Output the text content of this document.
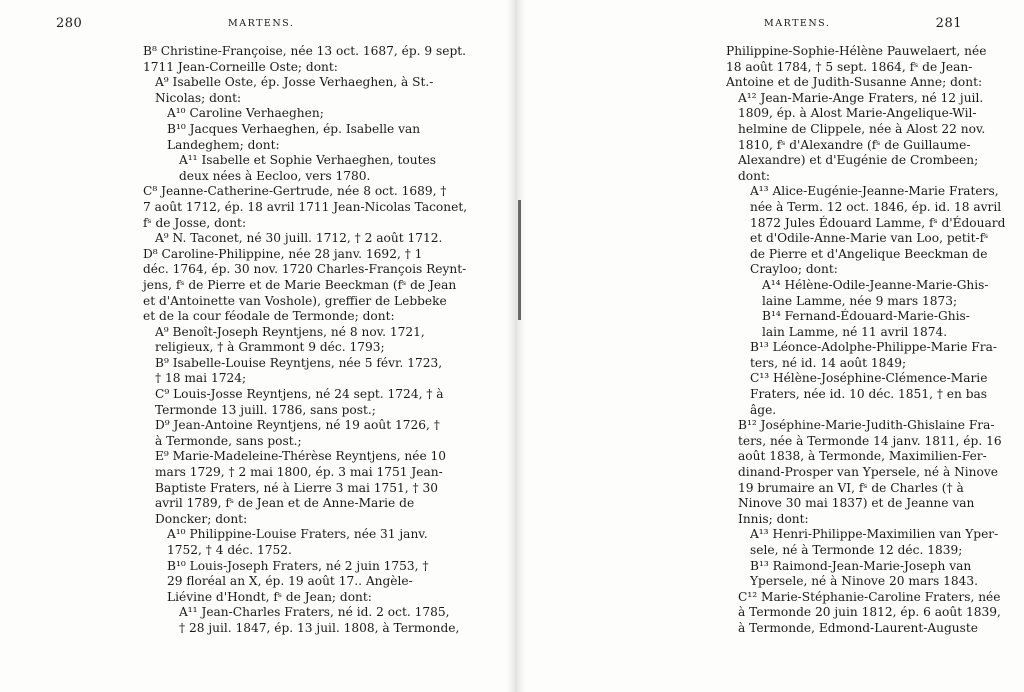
280	MARTENS.
B⁸ Christine-Françoise, née 13 oct. 1687, ép. 9 sept.
1711 Jean-Corneille Oste; dont:
A⁹ Isabelle Oste, ép. Josse Verhaeghen, à St.-
Nicolas; dont:
A¹⁰ Caroline Verhaeghen;
B¹⁰ Jacques Verhaeghen, ép. Isabelle van
Landeghem; dont:
A¹¹ Isabelle et Sophie Verhaeghen, toutes
deux nées à Eecloo, vers 1780.
C⁸ Jeanne-Catherine-Gertrude, née 8 oct. 1689, †
7 août 1712, ép. 18 avril 1711 Jean-Nicolas Taconet,
fˢ de Josse, dont:
A⁹ N. Taconet, né 30 juill. 1712, † 2 août 1712.
D⁸ Caroline-Philippine, née 28 janv. 1692, † 1
déc. 1764, ép. 30 nov. 1720 Charles-François Reynt-
jens, fˢ de Pierre et de Marie Beeckman (fˢ de Jean
et d'Antoinette van Voshole), greffier de Lebbeke
et de la cour féodale de Termonde; dont:
A⁹ Benoît-Joseph Reyntjens, né 8 nov. 1721,
religieux, † à Grammont 9 déc. 1793;
B⁹ Isabelle-Louise Reyntjens, née 5 févr. 1723,
† 18 mai 1724;
C⁹ Louis-Josse Reyntjens, né 24 sept. 1724, † à
Termonde 13 juill. 1786, sans post.;
D⁹ Jean-Antoine Reyntjens, né 19 août 1726, †
à Termonde, sans post.;
E⁹ Marie-Madeleine-Thérèse Reyntjens, née 10
mars 1729, † 2 mai 1800, ép. 3 mai 1751 Jean-
Baptiste Fraters, né à Lierre 3 mai 1751, † 30
avril 1789, fˢ de Jean et de Anne-Marie de
Doncker; dont:
A¹⁰ Philippine-Louise Fraters, née 31 janv.
1752, † 4 déc. 1752.
B¹⁰ Louis-Joseph Fraters, né 2 juin 1753, †
29 floréal an X, ép. 19 août 17.. Angèle-
Liévine d'Hondt, fˢ de Jean; dont:
A¹¹ Jean-Charles Fraters, né id. 2 oct. 1785,
† 28 juil. 1847, ép. 13 juil. 1808, à Termonde,
MARTENS.	281
Philippine-Sophie-Hélène Pauwelaert, née
18 août 1784, † 5 sept. 1864, fˢ de Jean-
Antoine et de Judith-Susanne Anne; dont:
A¹² Jean-Marie-Ange Fraters, né 12 juil.
1809, ép. à Alost Marie-Angelique-Wil-
helmine de Clippele, née à Alost 22 nov.
1810, fˢ d'Alexandre (fˢ de Guillaume-
Alexandre) et d'Eugénie de Crombeen;
dont:
A¹³ Alice-Eugénie-Jeanne-Marie Fraters,
née à Term. 12 oct. 1846, ép. id. 18 avril
1872 Jules Édouard Lamme, fˢ d'Édouard
et d'Odile-Anne-Marie van Loo, petit-fˢ
de Pierre et d'Angelique Beeckman de
Crayloo; dont:
A¹⁴ Hélène-Odile-Jeanne-Marie-Ghis-
laine Lamme, née 9 mars 1873;
B¹⁴ Fernand-Édouard-Marie-Ghis-
lain Lamme, né 11 avril 1874.
B¹³ Léonce-Adolphe-Philippe-Marie Fra-
ters, né id. 14 août 1849;
C¹³ Hélène-Joséphine-Clémence-Marie
Fraters, née id. 10 déc. 1851, † en bas
âge.
B¹² Joséphine-Marie-Judith-Ghislaine Fra-
ters, née à Termonde 14 janv. 1811, ép. 16
août 1838, à Termonde, Maximilien-Fer-
dinand-Prosper van Ypersele, né à Ninove
19 brumaire an VI, fˢ de Charles († à
Ninove 30 mai 1837) et de Jeanne van
Innis; dont:
A¹³ Henri-Philippe-Maximilien van Yper-
sele, né à Termonde 12 déc. 1839;
B¹³ Raimond-Jean-Marie-Joseph van
Ypersele, né à Ninove 20 mars 1843.
C¹² Marie-Stéphanie-Caroline Fraters, née
à Termonde 20 juin 1812, ép. 6 août 1839,
à Termonde, Edmond-Laurent-Auguste
